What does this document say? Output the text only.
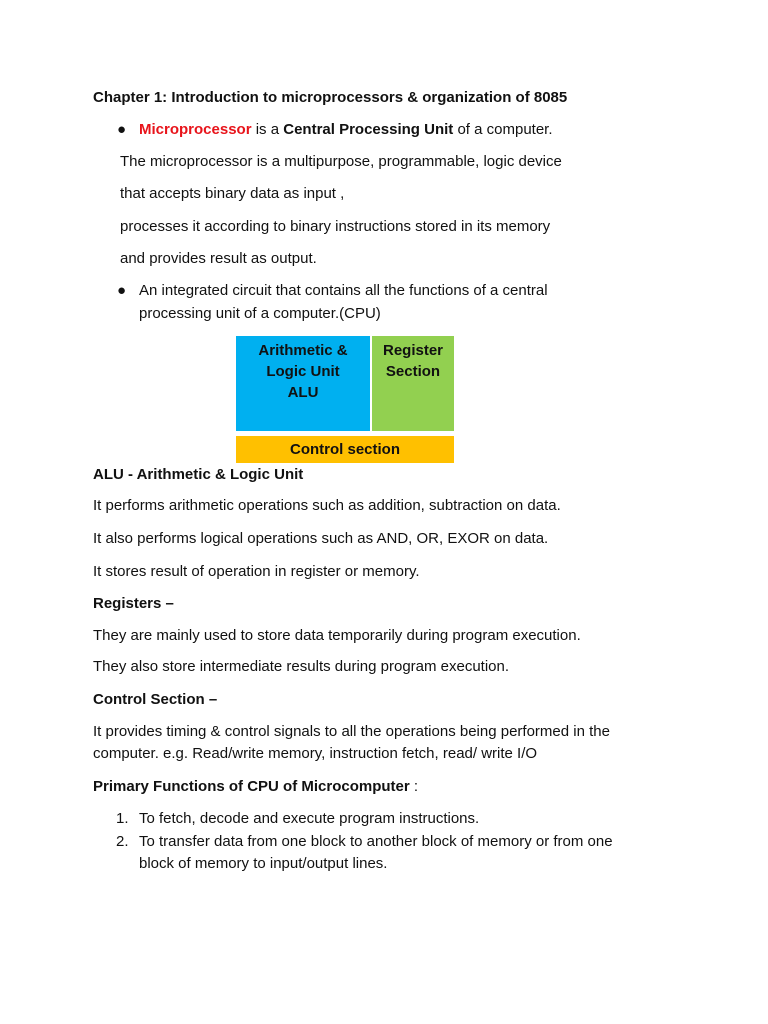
Chapter 1: Introduction to microprocessors & organization of 8085
● Microprocessor is a Central Processing Unit of a computer.
The microprocessor is a multipurpose, programmable, logic device
that accepts binary data as input ,
processes it according to binary instructions stored in its memory
and provides result as output.
● An integrated circuit that contains all the functions of a central
processing unit of a computer.(CPU)
Arithmetic &
Logic Unit
ALU
Register
Section
Control section
ALU - Arithmetic & Logic Unit
It performs arithmetic operations such as addition, subtraction on data.
It also performs logical operations such as AND, OR, EXOR on data.
It stores result of operation in register or memory.
Registers –
They are mainly used to store data temporarily during program execution.
They also store intermediate results during program execution.
Control Section –
It provides timing & control signals to all the operations being performed in the
computer. e.g. Read/write memory, instruction fetch, read/ write I/O
Primary Functions of CPU of Microcomputer :
1. To fetch, decode and execute program instructions.
2. To transfer data from one block to another block of memory or from one
block of memory to input/output lines.
